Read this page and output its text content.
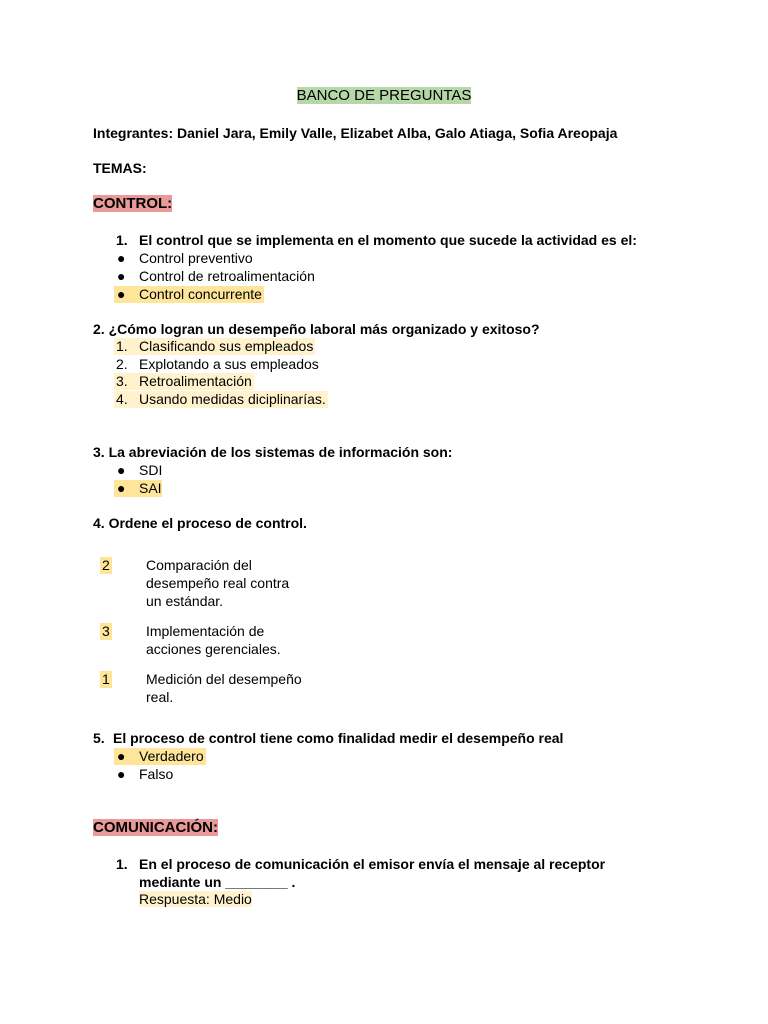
BANCO DE PREGUNTAS
Integrantes: Daniel Jara, Emily Valle, Elizabet Alba, Galo Atiaga, Sofia Areopaja
TEMAS:
CONTROL:
1. El control que se implementa en el momento que sucede la actividad es el:
● Control preventivo
● Control de retroalimentación
● Control concurrente
2. ¿Cómo logran un desempeño laboral más organizado y exitoso?
1. Clasificando sus empleados
2. Explotando a sus empleados
3. Retroalimentación
4. Usando medidas diciplinarías.
3. La abreviación de los sistemas de información son:
● SDI
● SAI
4. Ordene el proceso de control.
2	Comparación del
desempeño real contra
un estándar.
3	Implementación de
acciones gerenciales.
1	Medición del desempeño
real.
5. El proceso de control tiene como finalidad medir el desempeño real
● Verdadero
● Falso
COMUNICACIÓN:
1. En el proceso de comunicación el emisor envía el mensaje al receptor
mediante un ________ .
Respuesta: Medio
